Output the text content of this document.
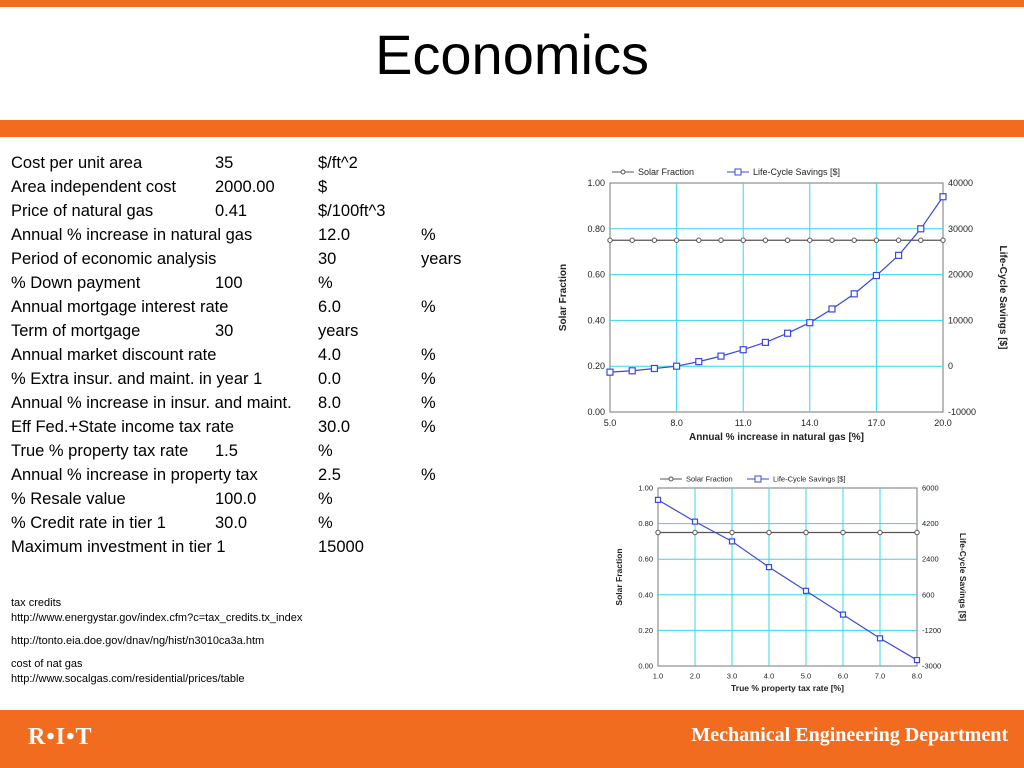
Economics
Cost per unit area	35	$/ft^2
Area independent cost 2000.00	$
Price of natural gas	0.41	$/100ft^3
Annual % increase in natural gas	12.0	%
Period of economic analysis	30	years
% Down payment	100	%
Annual mortgage interest rate	6.0	%
Term of mortgage	30	years
Annual market discount rate	4.0	%
% Extra insur. and maint. in year 1	0.0	%
Annual % increase in insur. and maint. 8.0	%
Eff Fed.+State income tax rate	30.0	%
True % property tax rate 1.5	%
Annual % increase in property tax	2.5	%
% Resale value	100.0	%
% Credit rate in tier 1	30.0	%
Maximum investment in tier 1	15000
tax credits
http://www.energystar.gov/index.cfm?c=tax_credits.tx_index
http://tonto.eia.doe.gov/dnav/ng/hist/n3010ca3a.htm
cost of nat gas
http://www.socalgas.com/residential/prices/table
5.0	8.0	11.0	14.0	17.0	20.0
0.00
0.20
0.40
0.60
0.80
1.00
-10000
0
10000
20000
30000
40000
Annual % increase in natural gas [%]
Solar Fraction	Life-Cycle Savings [$]
Solar Fraction	Life-Cycle Savings [$]
1.0	2.0	3.0	4.0	5.0	6.0	7.0	8.0
0.00
0.20
0.40
0.60
0.80
1.00
-3000
-1200
600
2400
4200
6000
True % property tax rate [%]
Solar Fraction	Life-Cycle Savings [$]
Solar Fraction	Life-Cycle Savings [$]
R•I•T	Mechanical Engineering Department
